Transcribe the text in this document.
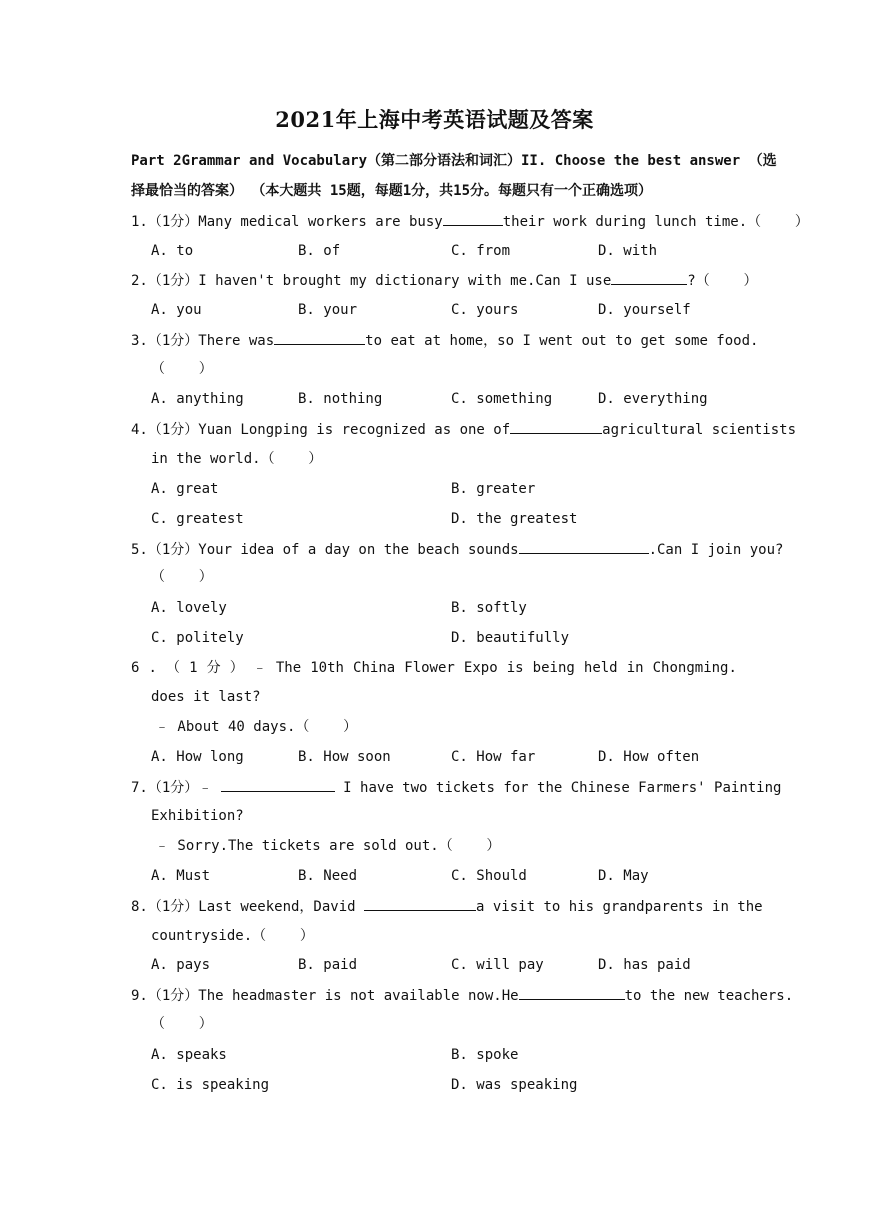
2021年上海中考英语试题及答案
Part 2Grammar and Vocabulary（第二部分语法和词汇）II. Choose the best answer （选
择最恰当的答案） （本大题共 15题，每题1分，共15分。每题只有一个正确选项）
1.（1分）Many medical workers are busy	their work during lunch time.（    ）
A. to	B. of	C. from	D. with
2.（1分）I haven't brought my dictionary with me.Can I use	?（    ）
A. you	B. your	C. yours	D. yourself
3.（1分）There was	to eat at home，so I went out to get some food.
（    ）
A. anything	B. nothing	C. something	D. everything
4.（1分）Yuan Longping is recognized as one of	agricultural scientists
in the world.（    ）
A. great	B. greater
C. greatest	D. the greatest
5.（1分）Your idea of a day on the beach sounds	.Can I join you?
（    ）
A. lovely	B. softly
C. politely	D. beautifully
6 . （ 1 分 ） ﹣ The 10th China Flower Expo is being held in Chongming.
does it last?
﹣ About 40 days.（    ）
A. How long	B. How soon	C. How far	D. How often
7.（1分）﹣	I have two tickets for the Chinese Farmers' Painting
Exhibition?
﹣ Sorry.The tickets are sold out.（    ）
A. Must	B. Need	C. Should	D. May
8.（1分）Last weekend，David	a visit to his grandparents in the
countryside.（    ）
A. pays	B. paid	C. will pay	D. has paid
9.（1分）The headmaster is not available now.He	to the new teachers.
（    ）
A. speaks	B. spoke
C. is speaking	D. was speaking
